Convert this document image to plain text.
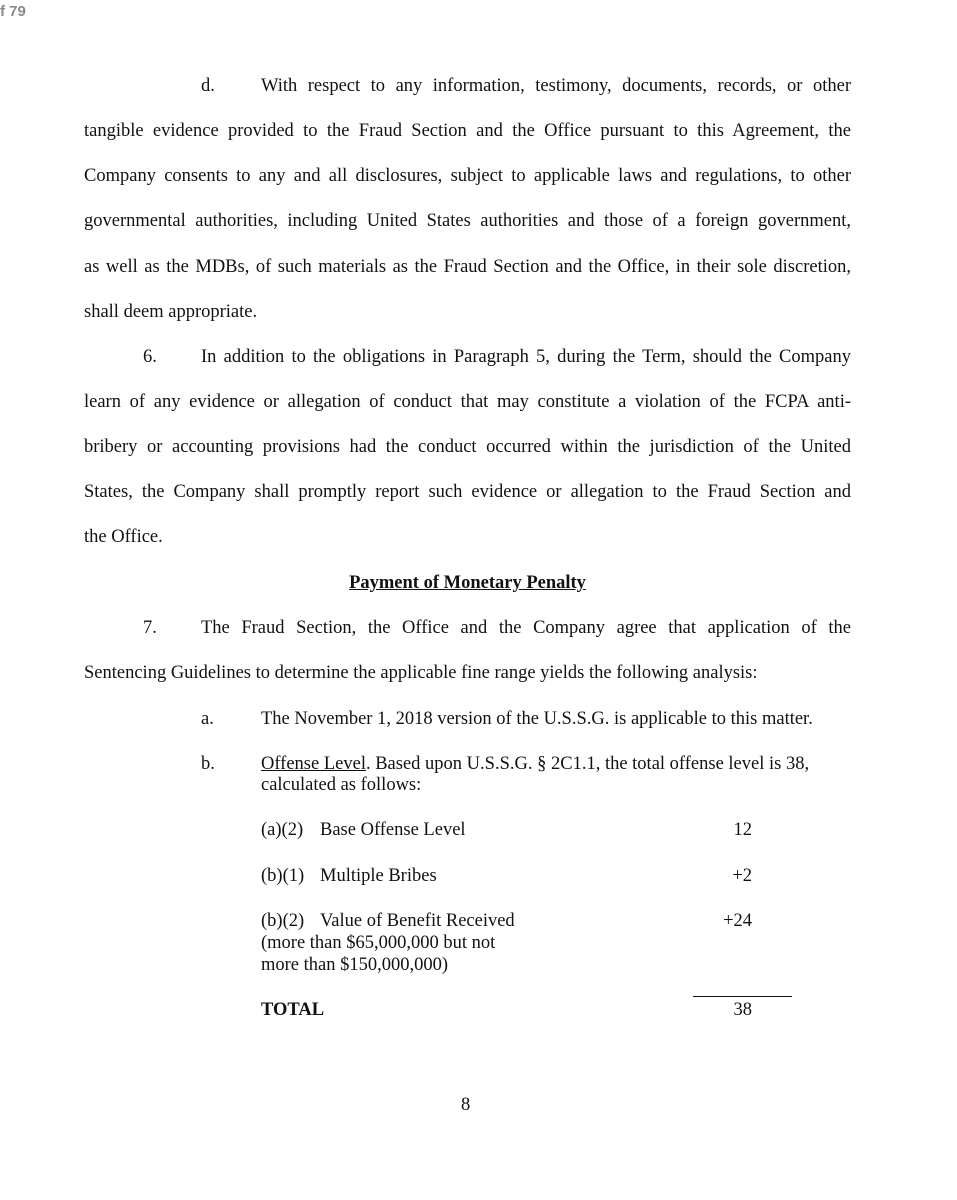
f 79
d. With respect to any information, testimony, documents, records, or other
tangible evidence provided to the Fraud Section and the Office pursuant to this Agreement, the
Company consents to any and all disclosures, subject to applicable laws and regulations, to other
governmental authorities, including United States authorities and those of a foreign government,
as well as the MDBs, of such materials as the Fraud Section and the Office, in their sole discretion,
shall deem appropriate.
6. In addition to the obligations in Paragraph 5, during the Term, should the Company
learn of any evidence or allegation of conduct that may constitute a violation of the FCPA anti-
bribery or accounting provisions had the conduct occurred within the jurisdiction of the United
States, the Company shall promptly report such evidence or allegation to the Fraud Section and
the Office.
Payment of Monetary Penalty
7. The Fraud Section, the Office and the Company agree that application of the
Sentencing Guidelines to determine the applicable fine range yields the following analysis:
a.	The November 1, 2018 version of the U.S.S.G. is applicable to this matter.
b. Offense Level. Based upon U.S.S.G. § 2C1.1, the total offense level is 38,
calculated as follows:
(a)(2) Base Offense Level	12
(b)(1) Multiple Bribes	+2
(b)(2) Value of Benefit Received
(more than $65,000,000 but not
more than $150,000,000)
+24
TOTAL	38
8
